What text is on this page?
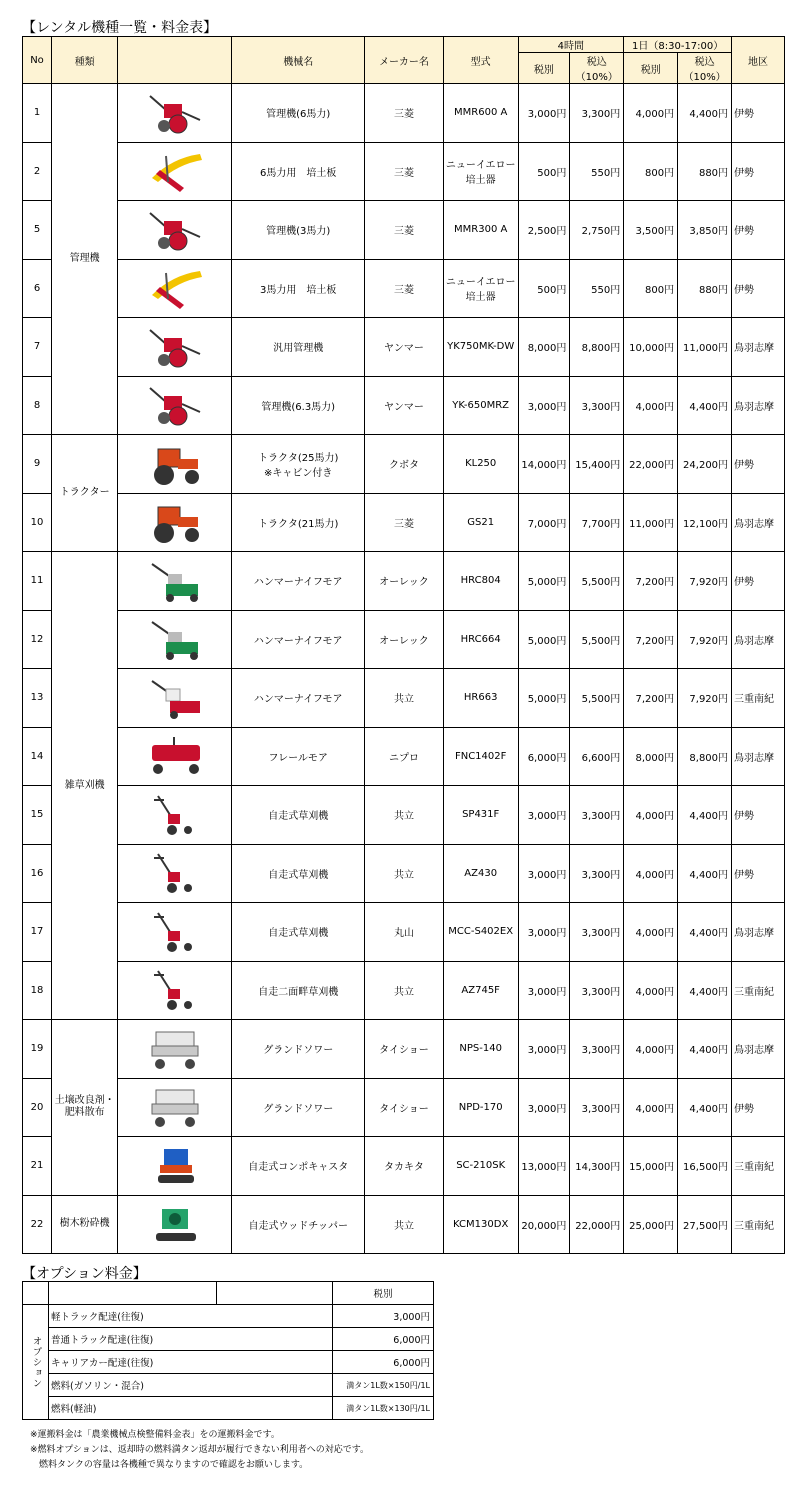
【レンタル機種一覧・料金表】
No	種類		機械名	メーカー名	型式	4時間		1日（8:30-17:00）		地区
						税別	税込（10%）	税別	税込（10%）	
1	管理機		管理機(6馬力)	三菱	MMR600 A	3,000円	3,300円	4,000円	4,400円	伊勢
2			6馬力用　培土板	三菱	ニューイエロー培土器	500円	550円	800円	880円	伊勢
5			管理機(3馬力)	三菱	MMR300 A	2,500円	2,750円	3,500円	3,850円	伊勢
6			3馬力用　培土板	三菱	ニューイエロー培土器	500円	550円	800円	880円	伊勢
7			汎用管理機	ヤンマー	YK750MK-DW	8,000円	8,800円	10,000円	11,000円	鳥羽志摩
8			管理機(6.3馬力)	ヤンマー	YK-650MRZ	3,000円	3,300円	4,000円	4,400円	鳥羽志摩
9	トラクター		トラクタ(25馬力)
※キャビン付き	クボタ	KL250	14,000円	15,400円	22,000円	24,200円	伊勢
10			トラクタ(21馬力)	三菱	GS21	7,000円	7,700円	11,000円	12,100円	鳥羽志摩
11	雑草刈機		ハンマーナイフモア	オーレック	HRC804	5,000円	5,500円	7,200円	7,920円	伊勢
12			ハンマーナイフモア	オーレック	HRC664	5,000円	5,500円	7,200円	7,920円	鳥羽志摩
13			ハンマーナイフモア	共立	HR663	5,000円	5,500円	7,200円	7,920円	三重南紀
14			フレールモア	ニプロ	FNC1402F	6,000円	6,600円	8,000円	8,800円	鳥羽志摩
15			自走式草刈機	共立	SP431F	3,000円	3,300円	4,000円	4,400円	伊勢
16			自走式草刈機	共立	AZ430	3,000円	3,300円	4,000円	4,400円	伊勢
17			自走式草刈機	丸山	MCC-S402EX	3,000円	3,300円	4,000円	4,400円	鳥羽志摩
18			自走二面畔草刈機	共立	AZ745F	3,000円	3,300円	4,000円	4,400円	三重南紀
19	土壌改良剤・肥料散布		グランドソワー	タイショー	NPS-140	3,000円	3,300円	4,000円	4,400円	鳥羽志摩
20			グランドソワー	タイショー	NPD-170	3,000円	3,300円	4,000円	4,400円	伊勢
21			自走式コンポキャスタ	タカキタ	SC-210SK	13,000円	14,300円	15,000円	16,500円	三重南紀
22	樹木粉砕機		自走式ウッドチッパー	共立	KCM130DX	20,000円	22,000円	25,000円	27,500円	三重南紀
【オプション料金】
			税別
オプション	軽トラック配達(往復)		3,000円
	普通トラック配達(往復)		6,000円
	キャリアカー配達(往復)		6,000円
	燃料(ガソリン・混合)		満タン1L数×150円/1L
	燃料(軽油)		満タン1L数×130円/1L
※運搬料金は「農業機械点検整備料金表」をの運搬料金です。
※燃料オプションは、返却時の燃料満タン返却が履行できない利用者への対応です。
　燃料タンクの容量は各機種で異なりますので確認をお願いします。
